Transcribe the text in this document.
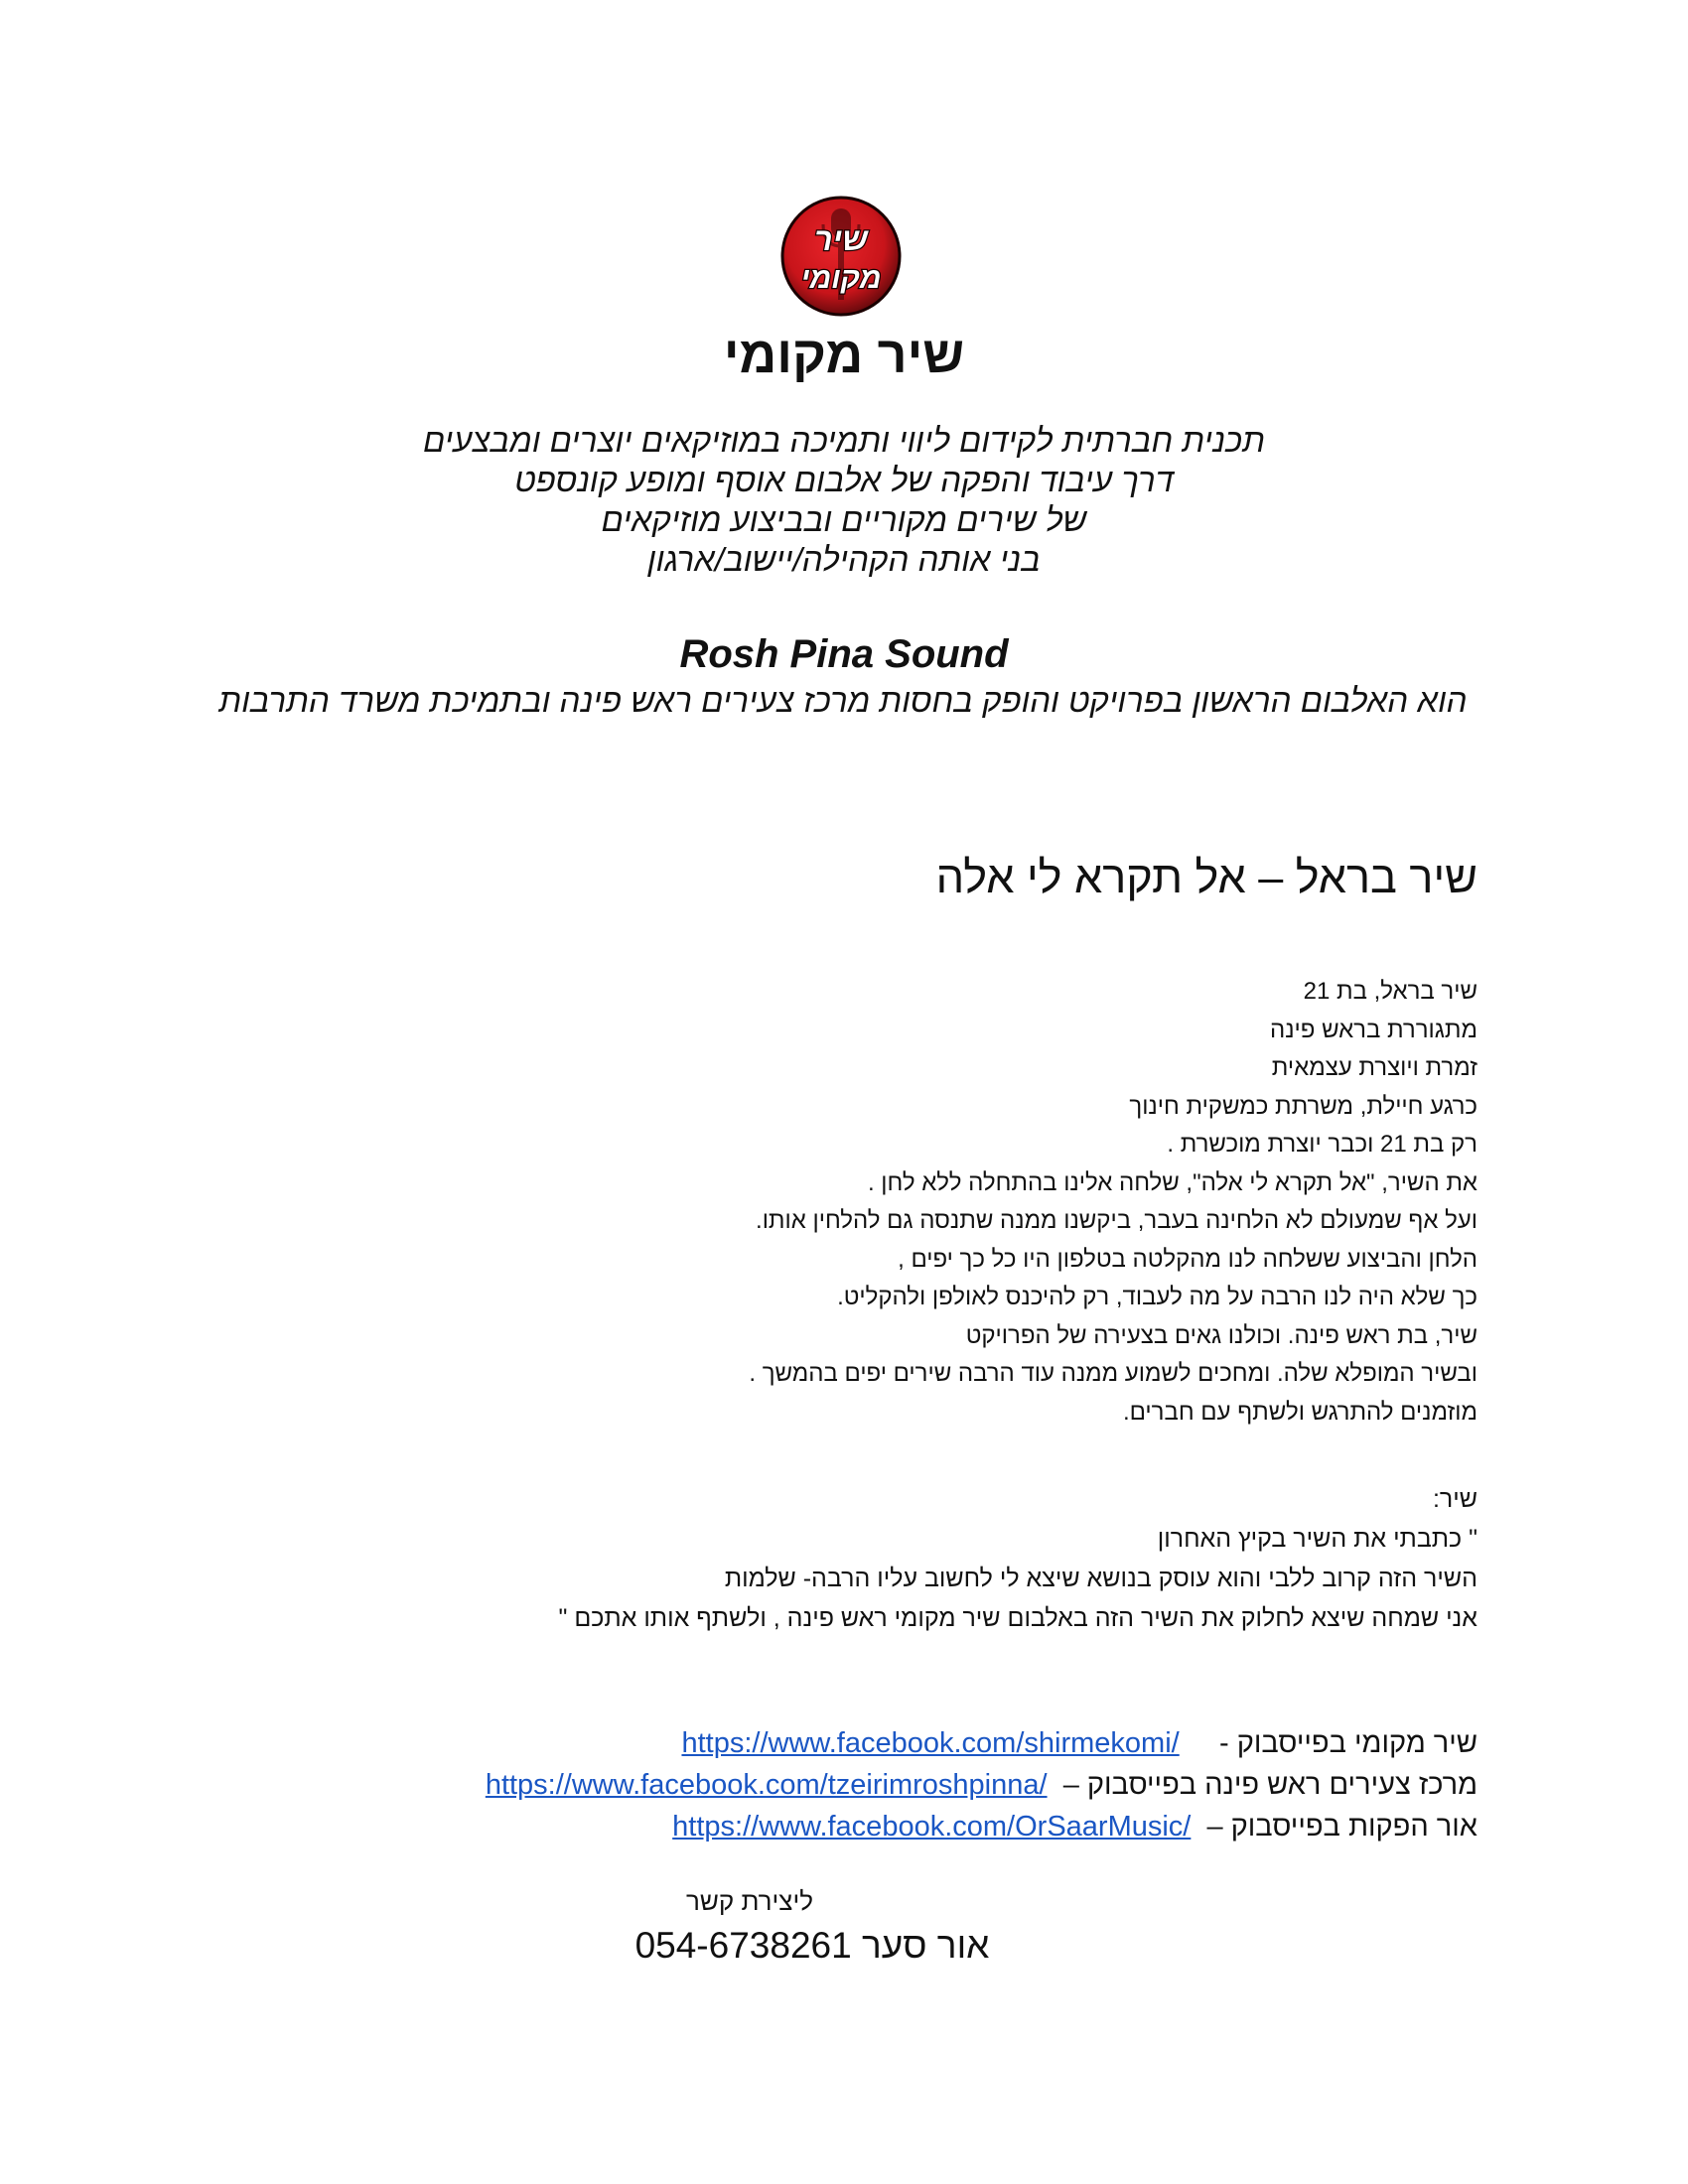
שיר
מקומי
שיר מקומי
תכנית חברתית לקידום ליווי ותמיכה במוזיקאים יוצרים ומבצעים
דרך עיבוד והפקה של אלבום אוסף ומופע קונספט
של שירים מקוריים ובביצוע מוזיקאים
בני אותה הקהילה/יישוב/ארגון
Rosh Pina Sound
הוא האלבום הראשון בפרויקט והופק בחסות מרכז צעירים ראש פינה ובתמיכת משרד התרבות
שיר בראל – אל תקרא לי אלה
שיר בראל, בת 21
מתגוררת בראש פינה
זמרת ויוצרת עצמאית
כרגע חיילת, משרתת כמשקית חינוך
רק בת 21 וכבר יוצרת מוכשרת .
את השיר, "אל תקרא לי אלה", שלחה אלינו בהתחלה ללא לחן .
ועל אף שמעולם לא הלחינה בעבר, ביקשנו ממנה שתנסה גם להלחין אותו.
הלחן והביצוע ששלחה לנו מהקלטה בטלפון היו כל כך יפים ,
כך שלא היה לנו הרבה על מה לעבוד, רק להיכנס לאולפן ולהקליט.
שיר, בת ראש פינה. וכולנו גאים בצעירה של הפרויקט
ובשיר המופלא שלה. ומחכים לשמוע ממנה עוד הרבה שירים יפים בהמשך .
מוזמנים להתרגש ולשתף עם חברים.
שיר:
" כתבתי את השיר בקיץ האחרון
השיר הזה קרוב ללבי והוא עוסק בנושא שיצא לי לחשוב עליו הרבה- שלמות
אני שמחה שיצא לחלוק את השיר הזה באלבום שיר מקומי ראש פינה , ולשתף אותו אתכם "
https://www.facebook.com/shirmekomi/ שיר מקומי בפייסבוק -
https://www.facebook.com/tzeirimroshpinna/ מרכז צעירים ראש פינה בפייסבוק –
https://www.facebook.com/OrSaarMusic/ אור הפקות בפייסבוק –
ליצירת קשר
אור סער 054-6738261
